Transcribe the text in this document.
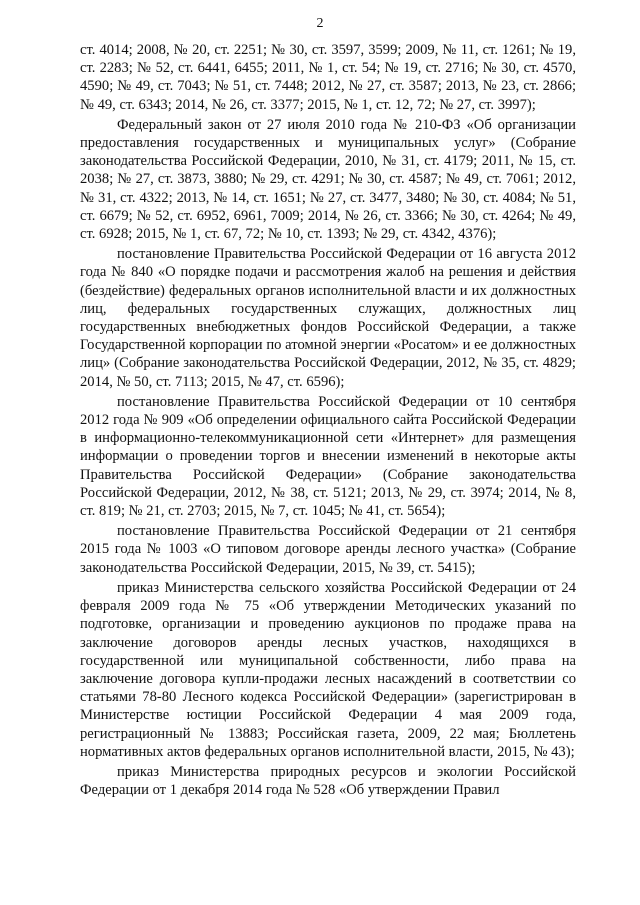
2

ст. 4014; 2008, № 20, ст. 2251; № 30, ст. 3597, 3599; 2009, № 11, ст. 1261; № 19, ст. 2283; № 52, ст. 6441, 6455; 2011, № 1, ст. 54; № 19, ст. 2716; № 30, ст. 4570, 4590; № 49, ст. 7043; № 51, ст. 7448; 2012, № 27, ст. 3587; 2013, № 23, ст. 2866; № 49, ст. 6343; 2014, № 26, ст. 3377; 2015, № 1, ст. 12, 72; № 27, ст. 3997);

Федеральный закон от 27 июля 2010 года № 210-ФЗ «Об организации предоставления государственных и муниципальных услуг» (Собрание законодательства Российской Федерации, 2010, № 31, ст. 4179; 2011, № 15, ст. 2038; № 27, ст. 3873, 3880; № 29, ст. 4291; № 30, ст. 4587; № 49, ст. 7061; 2012, № 31, ст. 4322; 2013, № 14, ст. 1651; № 27, ст. 3477, 3480; № 30, ст. 4084; № 51, ст. 6679; № 52, ст. 6952, 6961, 7009; 2014, № 26, ст. 3366; № 30, ст. 4264; № 49, ст. 6928; 2015, № 1, ст. 67, 72; № 10, ст. 1393; № 29, ст. 4342, 4376);

постановление Правительства Российской Федерации от 16 августа 2012 года № 840 «О порядке подачи и рассмотрения жалоб на решения и действия (бездействие) федеральных органов исполнительной власти и их должностных лиц, федеральных государственных служащих, должностных лиц государственных внебюджетных фондов Российской Федерации, а также Государственной корпорации по атомной энергии «Росатом» и ее должностных лиц» (Собрание законодательства Российской Федерации, 2012, № 35, ст. 4829; 2014, № 50, ст. 7113; 2015, № 47, ст. 6596);

постановление Правительства Российской Федерации от 10 сентября 2012 года № 909 «Об определении официального сайта Российской Федерации в информационно-телекоммуникационной сети «Интернет» для размещения информации о проведении торгов и внесении изменений в некоторые акты Правительства Российской Федерации» (Собрание законодательства Российской Федерации, 2012, № 38, ст. 5121; 2013, № 29, ст. 3974; 2014, № 8, ст. 819; № 21, ст. 2703; 2015, № 7, ст. 1045; № 41, ст. 5654);

постановление Правительства Российской Федерации от 21 сентября 2015 года № 1003 «О типовом договоре аренды лесного участка» (Собрание законодательства Российской Федерации, 2015, № 39, ст. 5415);

приказ Министерства сельского хозяйства Российской Федерации от 24 февраля 2009 года № 75 «Об утверждении Методических указаний по подготовке, организации и проведению аукционов по продаже права на заключение договоров аренды лесных участков, находящихся в государственной или муниципальной собственности, либо права на заключение договора купли-продажи лесных насаждений в соответствии со статьями 78-80 Лесного кодекса Российской Федерации» (зарегистрирован в Министерстве юстиции Российской Федерации 4 мая 2009 года, регистрационный № 13883; Российская газета, 2009, 22 мая; Бюллетень нормативных актов федеральных органов исполнительной власти, 2015, № 43);

приказ Министерства природных ресурсов и экологии Российской Федерации от 1 декабря 2014 года № 528 «Об утверждении Правил
